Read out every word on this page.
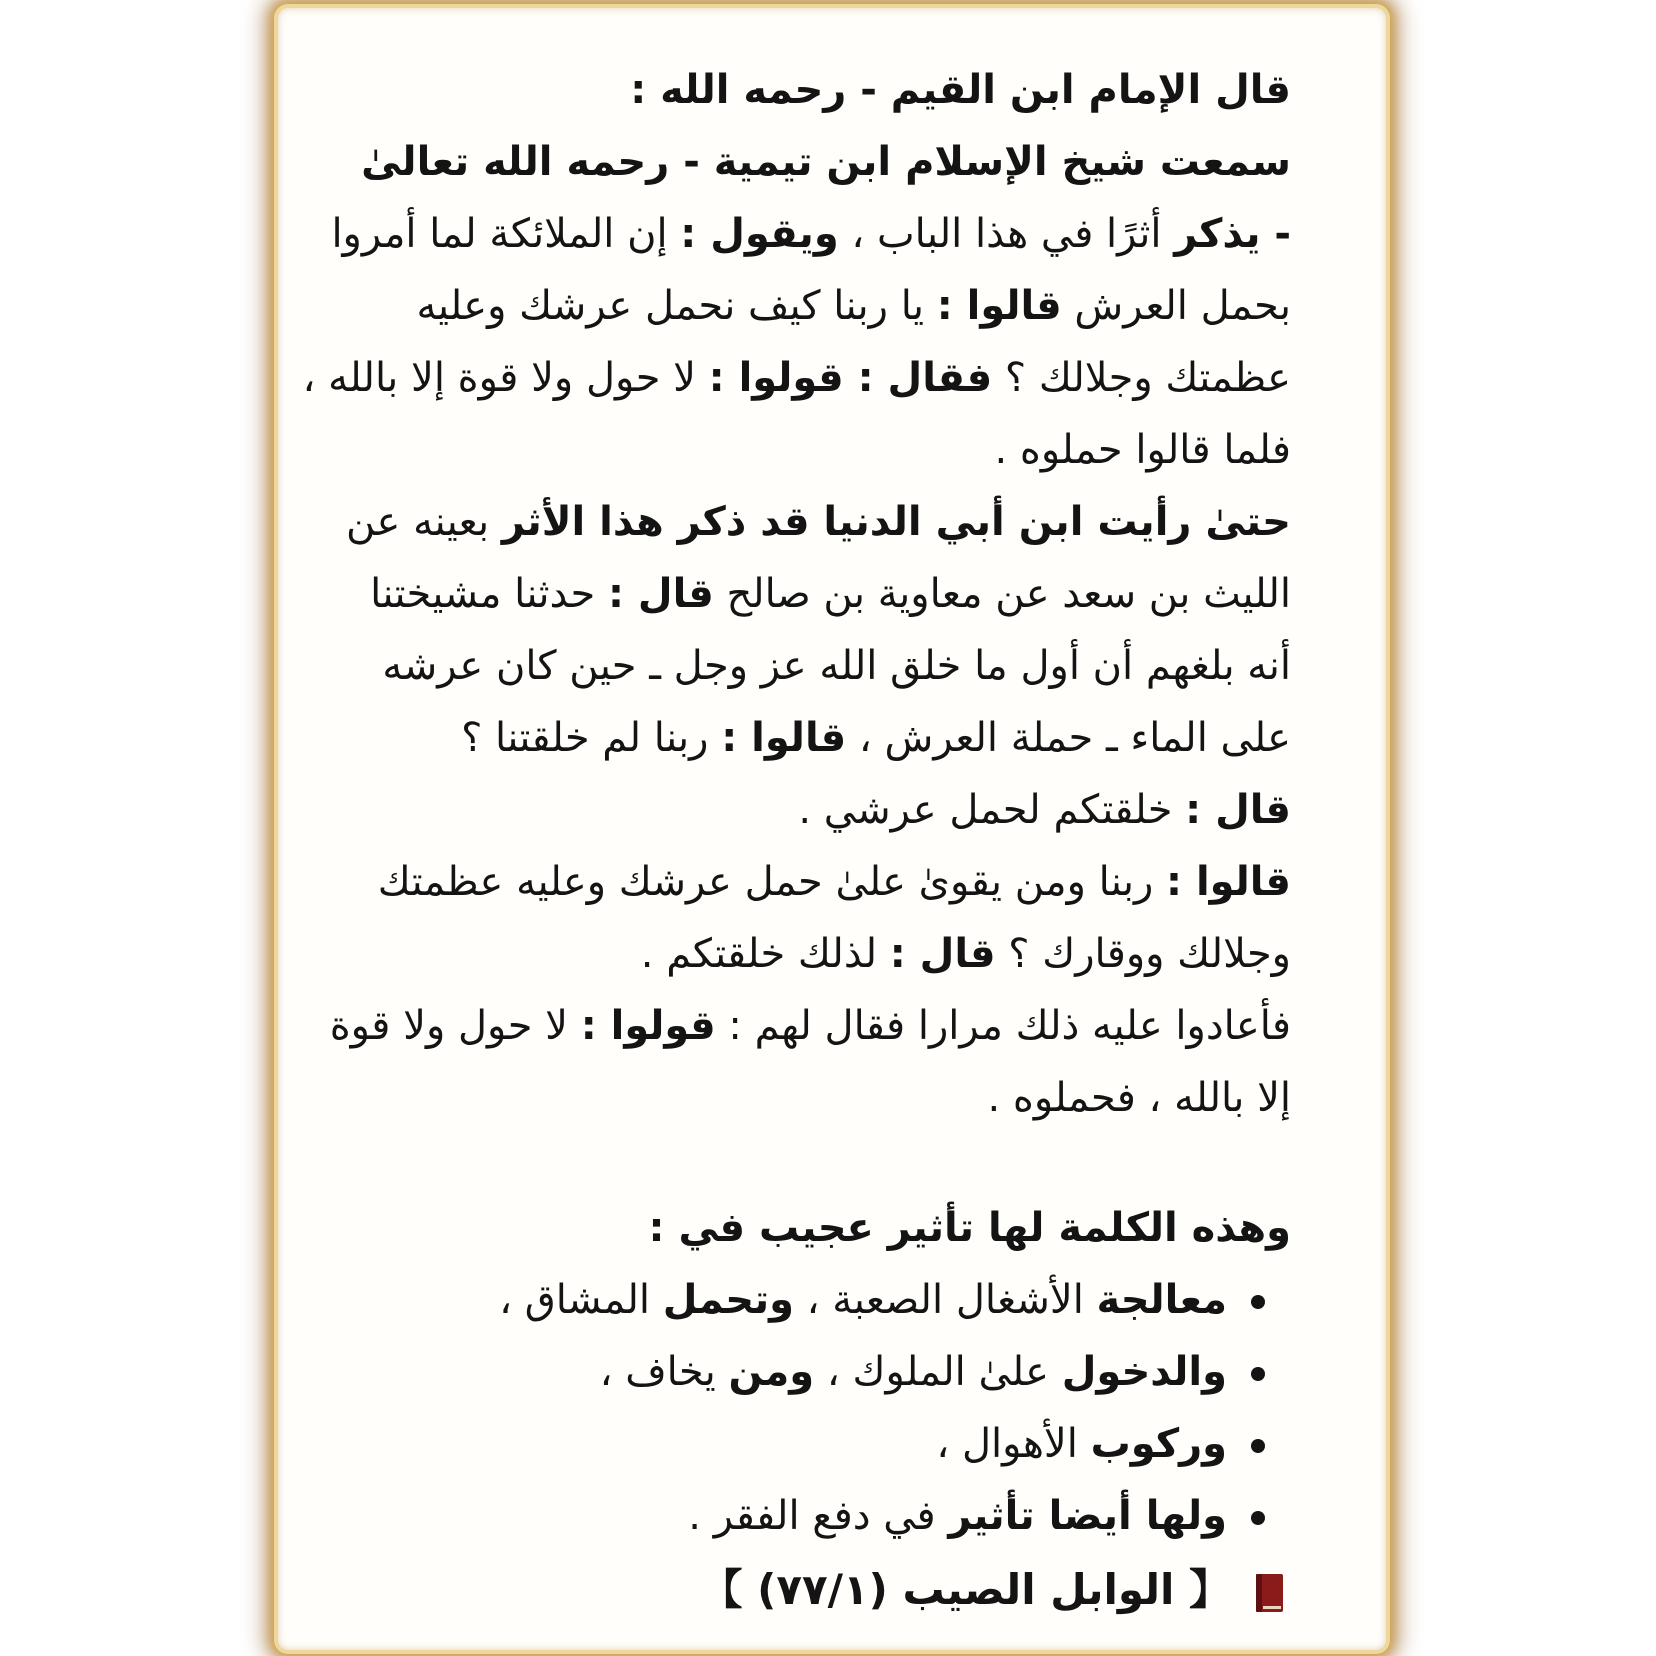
قال الإمام ابن القيم - رحمه الله :
سمعت شيخ الإسلام ابن تيمية - رحمه الله تعالىٰ
- يذكر أثرًا في هذا الباب ، ويقول : إن الملائكة لما أمروا
بحمل العرش قالوا : يا ربنا كيف نحمل عرشك وعليه
عظمتك وجلالك ؟ فقال : قولوا : لا حول ولا قوة إلا بالله ،
فلما قالوا حملوه .
حتىٰ رأيت ابن أبي الدنيا قد ذكر هذا الأثر بعينه عن
الليث بن سعد عن معاوية بن صالح قال : حدثنا مشيختنا
أنه بلغهم أن أول ما خلق الله عز وجل ـ حين كان عرشه
على الماء ـ حملة العرش ، قالوا : ربنا لم خلقتنا ؟
قال : خلقتكم لحمل عرشي .
قالوا : ربنا ومن يقوىٰ علىٰ حمل عرشك وعليه عظمتك
وجلالك ووقارك ؟ قال : لذلك خلقتكم .
فأعادوا عليه ذلك مرارا فقال لهم : قولوا : لا حول ولا قوة
إلا بالله ، فحملوه .
وهذه الكلمة لها تأثير عجيب في :
معالجة الأشغال الصعبة ، وتحمل المشاق ،
والدخول علىٰ الملوك ، ومن يخاف ،
وركوب الأهوال ،
ولها أيضا تأثير في دفع الفقر .
【 الوابل الصيب (٧٧/١) 】
